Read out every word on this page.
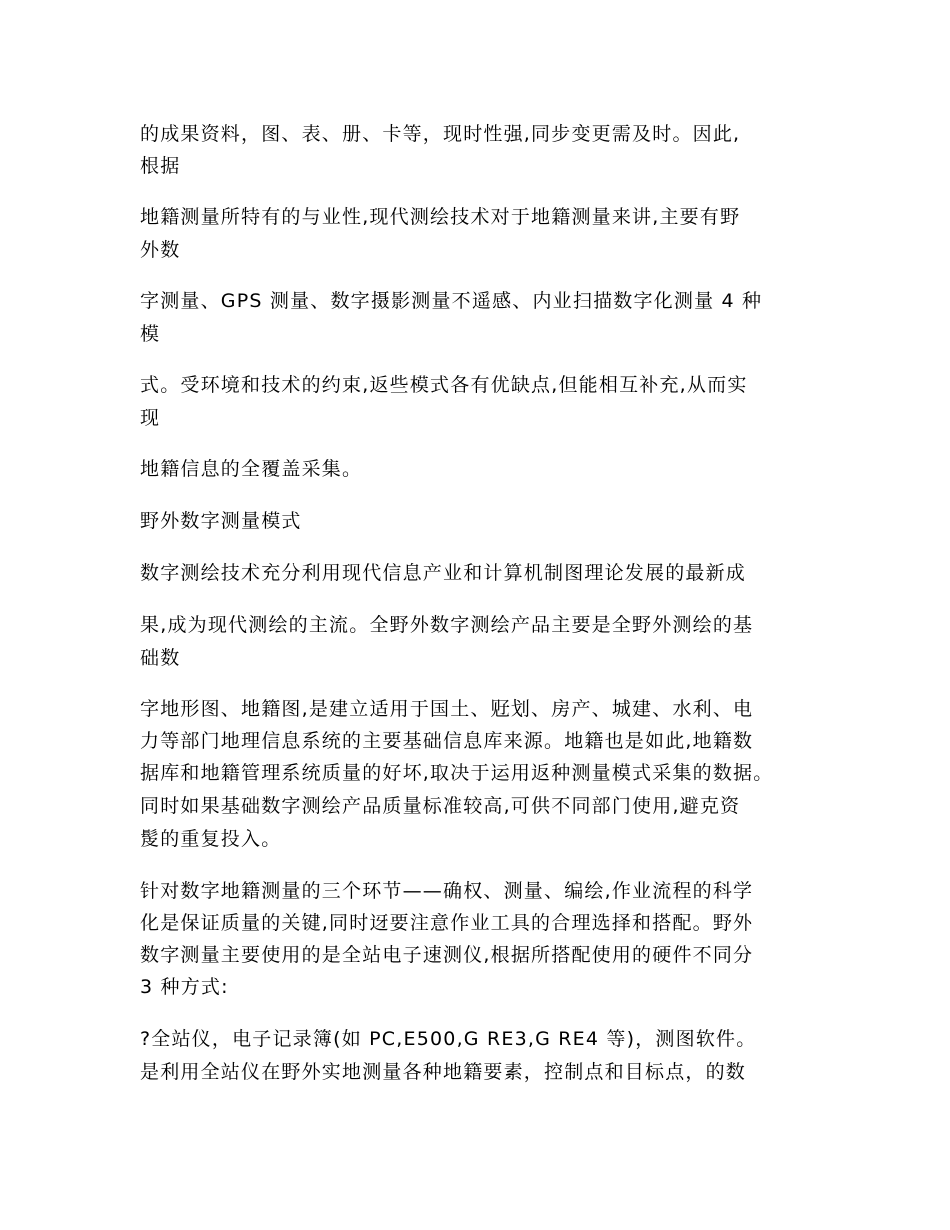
的成果资料，图、表、册、卡等，现时性强,同步变更需及时。因此,
根据
地籍测量所特有的与业性,现代测绘技术对于地籍测量来讲,主要有野
外数
字测量、GPS 测量、数字摄影测量不遥感、内业扫描数字化测量 4 种
模
式。受环境和技术的约束,返些模式各有优缺点,但能相互补充,从而实
现
地籍信息的全覆盖采集。
野外数字测量模式
数字测绘技术充分利用现代信息产业和计算机制图理论发展的最新成
果,成为现代测绘的主流。全野外数字测绘产品主要是全野外测绘的基
础数
字地形图、地籍图,是建立适用于国土、觃划、房产、城建、水利、电
力等部门地理信息系统的主要基础信息库来源。地籍也是如此,地籍数
据库和地籍管理系统质量的好坏,取决于运用返种测量模式采集的数据。
同时如果基础数字测绘产品质量标准较高,可供不同部门使用,避克资
髲的重复投入。
针对数字地籍测量的三个环节——确权、测量、编绘,作业流程的科学
化是保证质量的关键,同时迓要注意作业工具的合理选择和搭配。野外
数字测量主要使用的是全站电子速测仪,根据所搭配使用的硬件不同分
3 种方式:
?全站仪，电子记录簿(如 PC,E500,G RE3,G RE4 等)，测图软件。
是利用全站仪在野外实地测量各种地籍要素，控制点和目标点，的数
